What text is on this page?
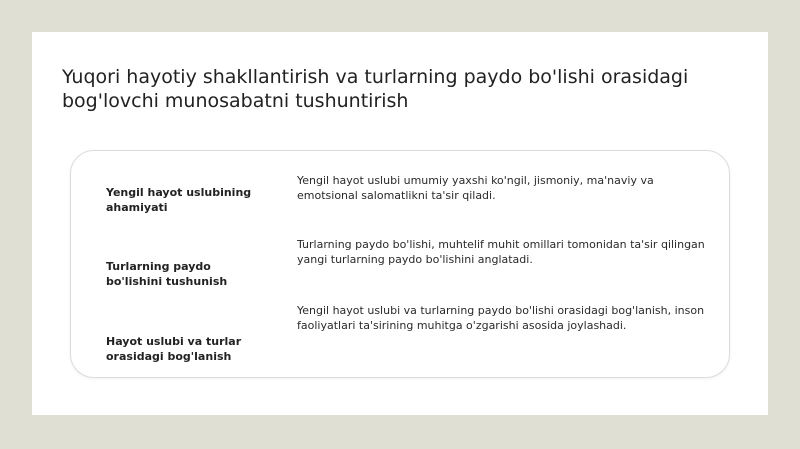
Yuqori hayotiy shakllantirish va turlarning paydo bo'lishi orasidagi bog'lovchi munosabatni tushuntirish
Yengil hayot uslubining ahamiyati
Yengil hayot uslubi umumiy yaxshi ko'ngil, jismoniy, ma'naviy va emotsional salomatlikni ta'sir qiladi.
Turlarning paydo bo'lishini tushunish
Turlarning paydo bo'lishi, muhtelif muhit omillari tomonidan ta'sir qilingan yangi turlarning paydo bo'lishini anglatadi.
Hayot uslubi va turlar orasidagi bog'lanish
Yengil hayot uslubi va turlarning paydo bo'lishi orasidagi bog'lanish, inson faoliyatlari ta'sirining muhitga o'zgarishi asosida joylashadi.
